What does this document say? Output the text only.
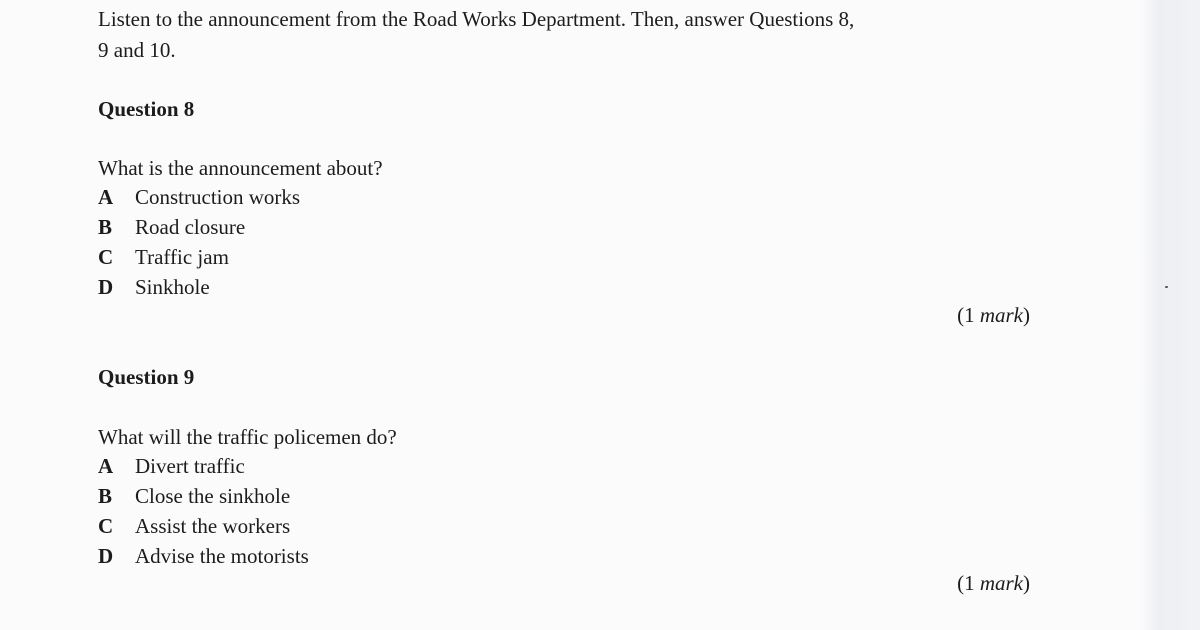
Listen to the announcement from the Road Works Department. Then, answer Questions 8,
9 and 10.

Question 8

What is the announcement about?

A	Construction works
B	Road closure
C	Traffic jam
D	Sinkhole

(1 mark)

Question 9

What will the traffic policemen do?

A	Divert traffic
B	Close the sinkhole
C	Assist the workers
D	Advise the motorists

(1 mark)
